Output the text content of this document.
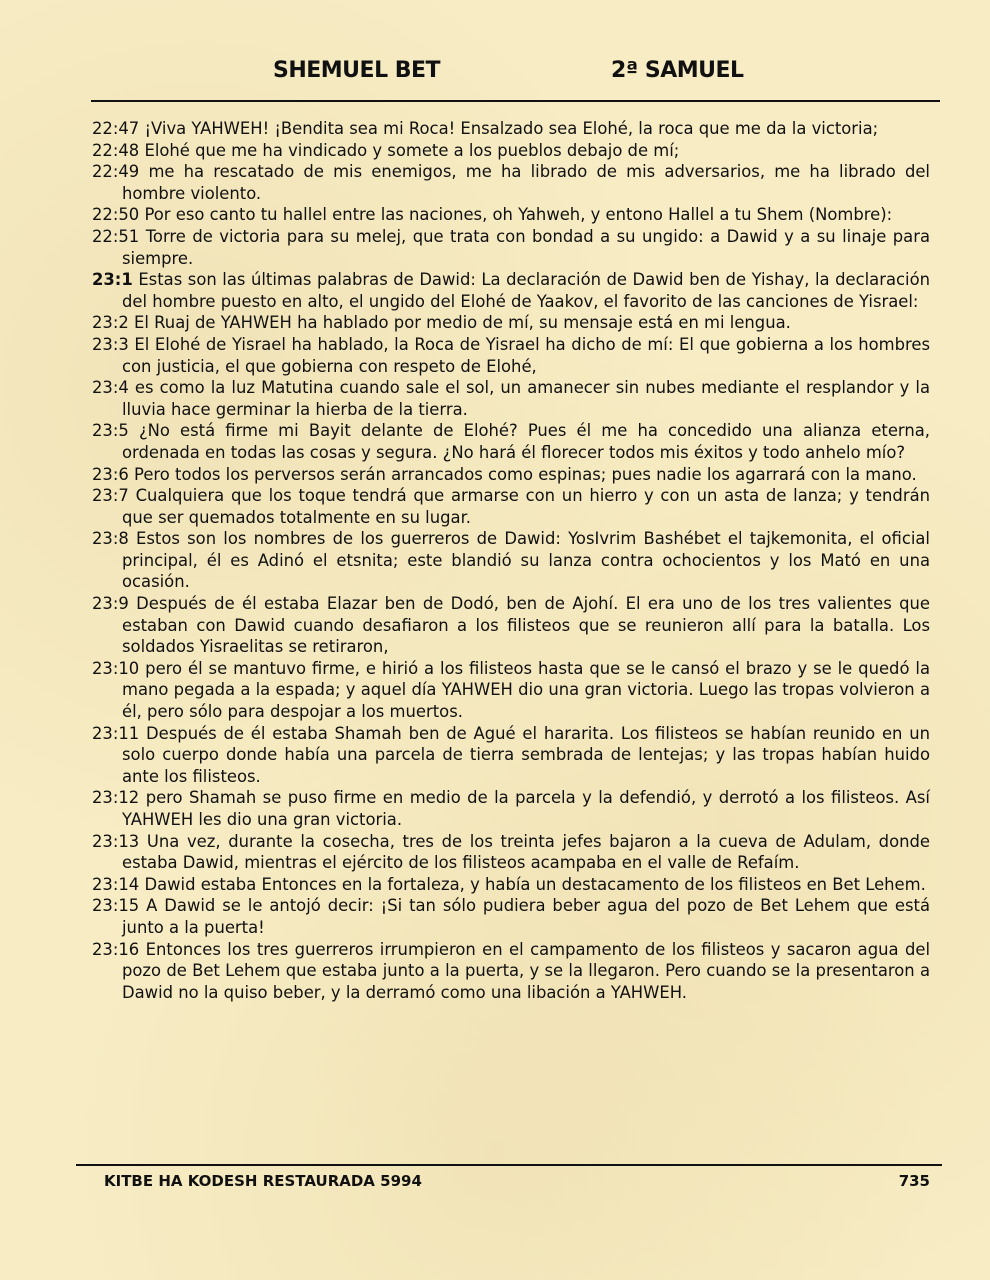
SHEMUEL BET	2ª SAMUEL

22:47 ¡Viva YAHWEH! ¡Bendita sea mi Roca! Ensalzado sea Elohé, la roca que me da la victoria;

22:48 Elohé que me ha vindicado y somete a los pueblos debajo de mí;

22:49 me ha rescatado de mis enemigos, me ha librado de mis adversarios, me ha librado del hombre violento.

22:50 Por eso canto tu hallel entre las naciones, oh Yahweh, y entono Hallel a tu Shem (Nombre):

22:51 Torre de victoria para su melej, que trata con bondad a su ungido: a Dawid y a su linaje para siempre.

23:1 Estas son las últimas palabras de Dawid: La declaración de Dawid ben de Yishay, la declaración del hombre puesto en alto, el ungido del Elohé de Yaakov, el favorito de las canciones de Yisrael:

23:2 El Ruaj de YAHWEH ha hablado por medio de mí, su mensaje está en mi lengua.

23:3 El Elohé de Yisrael ha hablado, la Roca de Yisrael ha dicho de mí: El que gobierna a los hombres con justicia, el que gobierna con respeto de Elohé,

23:4 es como la luz Matutina cuando sale el sol, un amanecer sin nubes mediante el resplandor y la lluvia hace germinar la hierba de la tierra.

23:5 ¿No está firme mi Bayit delante de Elohé? Pues él me ha concedido una alianza eterna, ordenada en todas las cosas y segura. ¿No hará él florecer todos mis éxitos y todo anhelo mío?

23:6 Pero todos los perversos serán arrancados como espinas; pues nadie los agarrará con la mano.

23:7 Cualquiera que los toque tendrá que armarse con un hierro y con un asta de lanza; y tendrán que ser quemados totalmente en su lugar.

23:8 Estos son los nombres de los guerreros de Dawid: YosIvrim Bashébet el tajkemonita, el oficial principal, él es Adinó el etsnita; este blandió su lanza contra ochocientos y los Mató en una ocasión.

23:9 Después de él estaba Elazar ben de Dodó, ben de Ajohí. El era uno de los tres valientes que estaban con Dawid cuando desafiaron a los filisteos que se reunieron allí para la batalla. Los soldados Yisraelitas se retiraron,

23:10 pero él se mantuvo firme, e hirió a los filisteos hasta que se le cansó el brazo y se le quedó la mano pegada a la espada; y aquel día YAHWEH dio una gran victoria. Luego las tropas volvieron a él, pero sólo para despojar a los muertos.

23:11 Después de él estaba Shamah ben de Agué el hararita. Los filisteos se habían reunido en un solo cuerpo donde había una parcela de tierra sembrada de lentejas; y las tropas habían huido ante los filisteos.

23:12 pero Shamah se puso firme en medio de la parcela y la defendió, y derrotó a los filisteos. Así YAHWEH les dio una gran victoria.

23:13 Una vez, durante la cosecha, tres de los treinta jefes bajaron a la cueva de Adulam, donde estaba Dawid, mientras el ejército de los filisteos acampaba en el valle de Refaím.

23:14 Dawid estaba Entonces en la fortaleza, y había un destacamento de los filisteos en Bet Lehem.

23:15 A Dawid se le antojó decir: ¡Si tan sólo pudiera beber agua del pozo de Bet Lehem que está junto a la puerta!

23:16 Entonces los tres guerreros irrumpieron en el campamento de los filisteos y sacaron agua del pozo de Bet Lehem que estaba junto a la puerta, y se la llegaron. Pero cuando se la presentaron a Dawid no la quiso beber, y la derramó como una libación a YAHWEH.

KITBE HA KODESH RESTAURADA 5994	735
